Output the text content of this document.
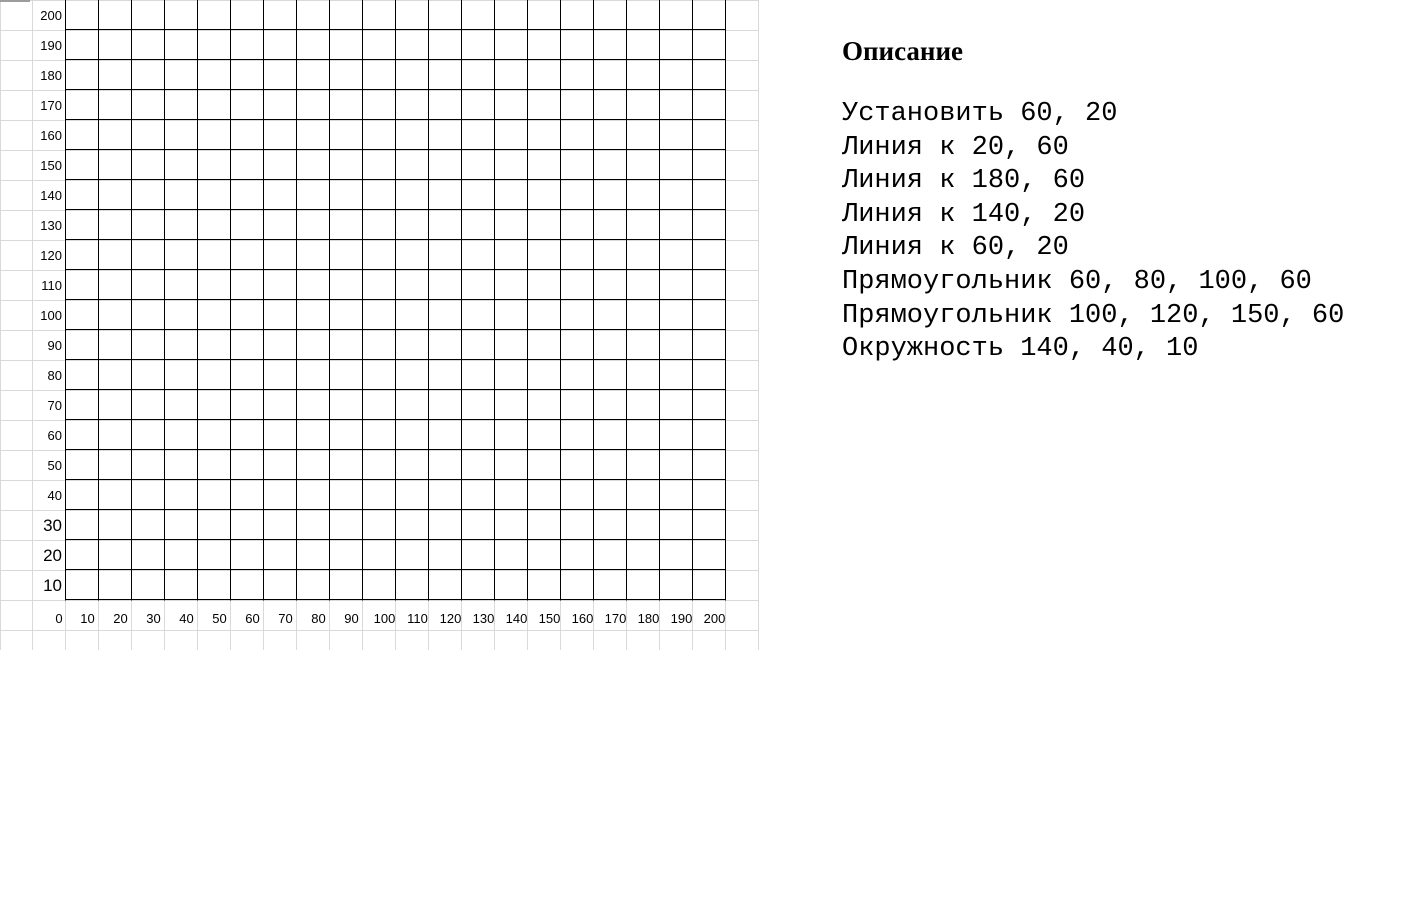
0 10 20 30 40 50 60 70 80 90 100 110 120 130 140 150 160 170 180 190 200
10
20
30
40
50
60
70
80
90
100
110
120
130
140
150
160
170
180
190
200
Описание
Установить 60, 20
Линия к 20, 60
Линия к 180, 60
Линия к 140, 20
Линия к 60, 20
Прямоугольник 60, 80, 100, 60
Прямоугольник 100, 120, 150, 60
Окружность 140, 40, 10
